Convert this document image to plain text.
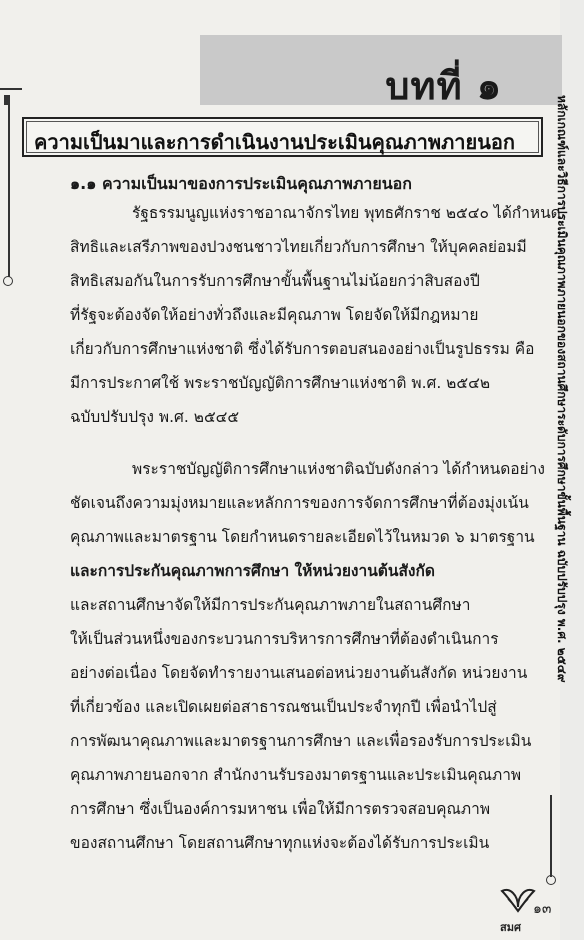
บทที่ ๑
ความเป็นมาและการดำเนินงานประเมินคุณภาพภายนอก	หลักเกณฑ์และวิธีการประเมินคุณภาพภายนอกของสถานศึกษาระดับการศึกษาขั้นพื้นฐาน ฉบับปรับปรุง พ.ศ. ๒๕๔๙
๑.๑ ความเป็นมาของการประเมินคุณภาพภายนอก
รัฐธรรมนูญแห่งราชอาณาจักรไทย พุทธศักราช ๒๕๔๐ ได้กำหนด
สิทธิและเสรีภาพของปวงชนชาวไทยเกี่ยวกับการศึกษา ให้บุคคลย่อมมี
สิทธิเสมอกันในการรับการศึกษาขั้นพื้นฐานไม่น้อยกว่าสิบสองปี
ที่รัฐจะต้องจัดให้อย่างทั่วถึงและมีคุณภาพ โดยจัดให้มีกฎหมาย
เกี่ยวกับการศึกษาแห่งชาติ ซึ่งได้รับการตอบสนองอย่างเป็นรูปธรรม คือ
มีการประกาศใช้ พระราชบัญญัติการศึกษาแห่งชาติ พ.ศ. ๒๕๔๒
ฉบับปรับปรุง พ.ศ. ๒๕๔๕
พระราชบัญญัติการศึกษาแห่งชาติฉบับดังกล่าว ได้กำหนดอย่าง
ชัดเจนถึงความมุ่งหมายและหลักการของการจัดการศึกษาที่ต้องมุ่งเน้น
คุณภาพและมาตรฐาน โดยกำหนดรายละเอียดไว้ในหมวด ๖ มาตรฐาน
และการประกันคุณภาพการศึกษา ให้หน่วยงานต้นสังกัด
และสถานศึกษาจัดให้มีการประกันคุณภาพภายในสถานศึกษา
ให้เป็นส่วนหนึ่งของกระบวนการบริหารการศึกษาที่ต้องดำเนินการ
อย่างต่อเนื่อง โดยจัดทำรายงานเสนอต่อหน่วยงานต้นสังกัด หน่วยงาน
ที่เกี่ยวข้อง และเปิดเผยต่อสาธารณชนเป็นประจำทุกปี เพื่อนำไปสู่
การพัฒนาคุณภาพและมาตรฐานการศึกษา และเพื่อรองรับการประเมิน
คุณภาพภายนอกจาก สำนักงานรับรองมาตรฐานและประเมินคุณภาพ
การศึกษา ซึ่งเป็นองค์การมหาชน เพื่อให้มีการตรวจสอบคุณภาพ
ของสถานศึกษา โดยสถานศึกษาทุกแห่งจะต้องได้รับการประเมิน
๑๓
สมศ
